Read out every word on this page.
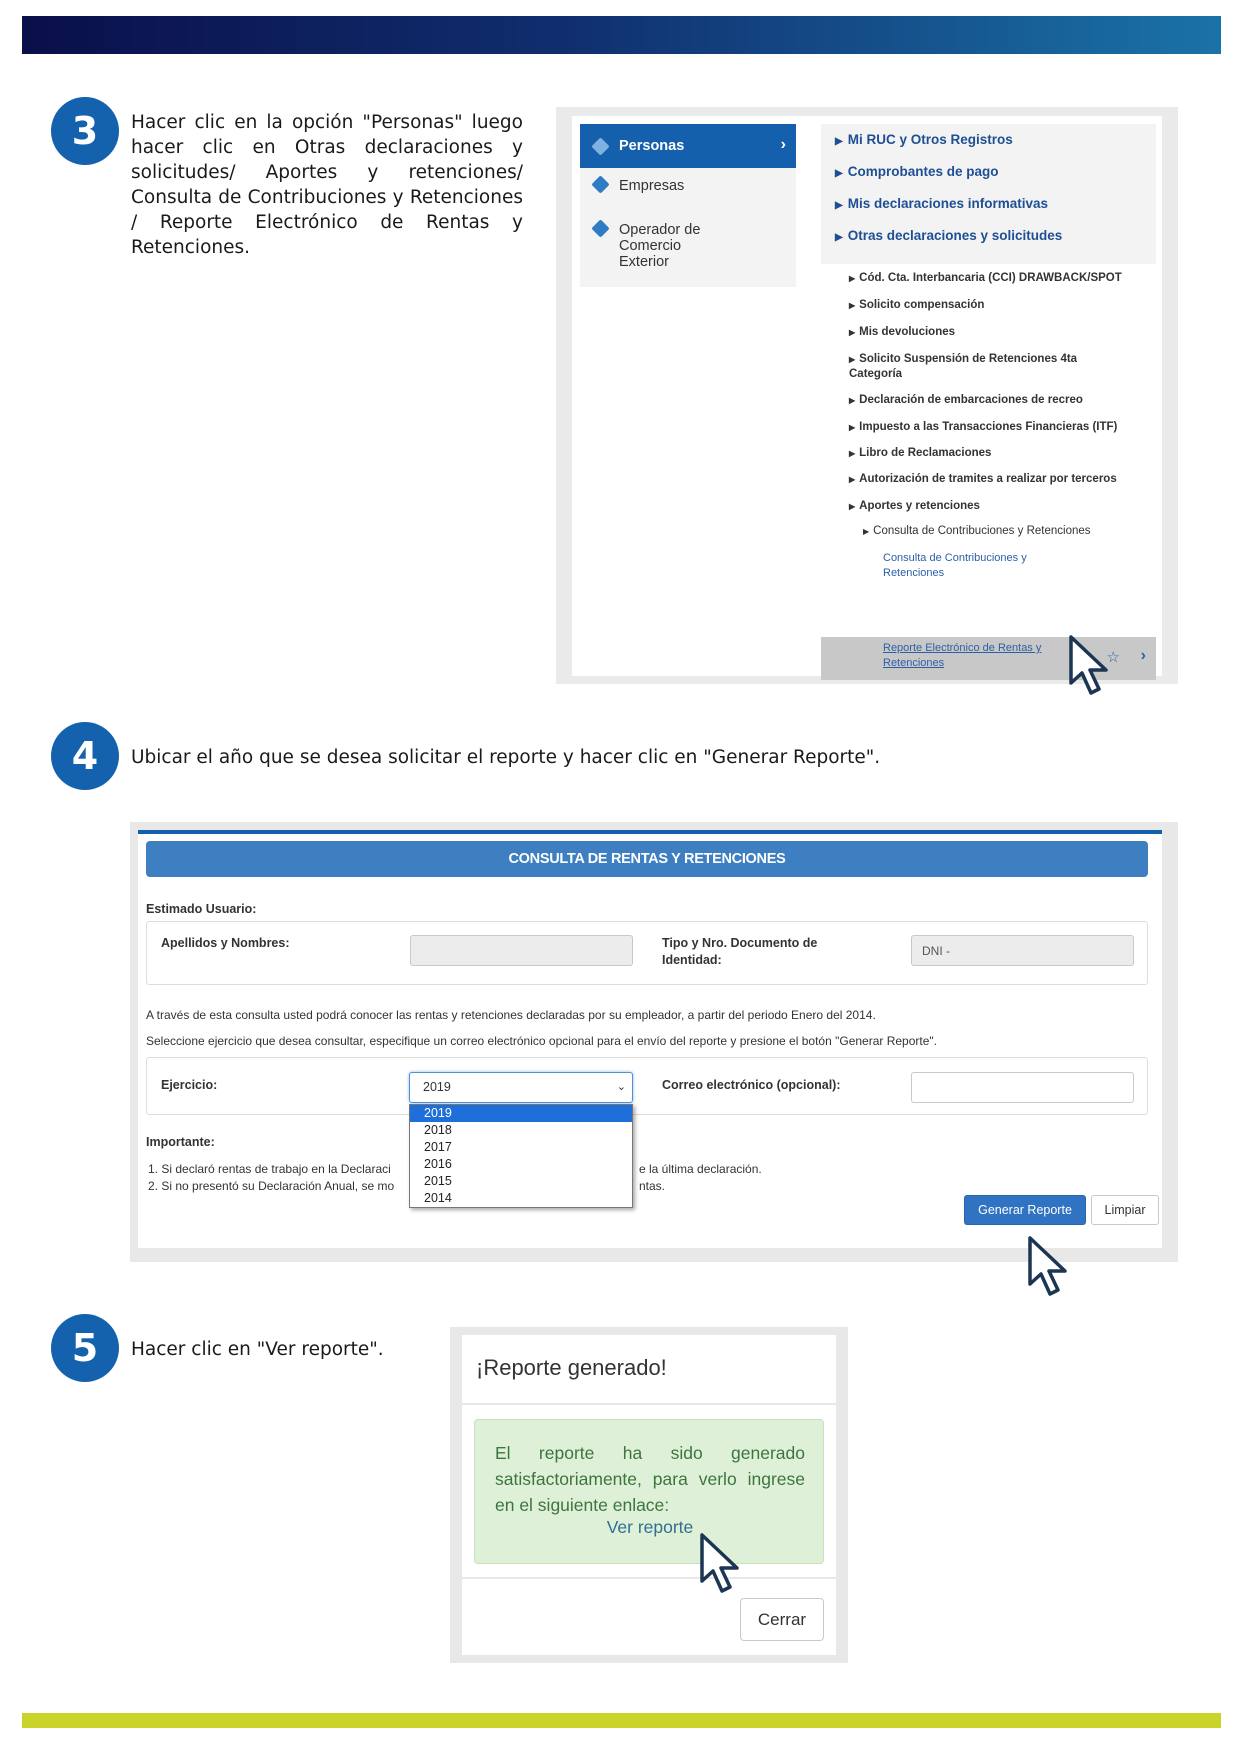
3	Hacer clic en la opción "Personas" luego hacer clic en Otras declaraciones y solicitudes/ Aportes y retenciones/ Consulta de Contribuciones y Retenciones / Reporte Electrónico de Rentas y Retenciones.
Personas	›
Empresas
Operador de Comercio Exterior
▶ Mi RUC y Otros Registros
▶ Comprobantes de pago
▶ Mis declaraciones informativas
▶ Otras declaraciones y solicitudes
▶ Cód. Cta. Interbancaria (CCI) DRAWBACK/SPOT
▶ Solicito compensación
▶ Mis devoluciones
▶ Solicito Suspensión de Retenciones 4ta Categoría
▶ Declaración de embarcaciones de recreo
▶ Impuesto a las Transacciones Financieras (ITF)
▶ Libro de Reclamaciones
▶ Autorización de tramites a realizar por terceros
▶ Aportes y retenciones
▶ Consulta de Contribuciones y Retenciones
Consulta de Contribuciones y Retenciones
Reporte Electrónico de Rentas y Retenciones	☆ ›
4	Ubicar el año que se desea solicitar el reporte y hacer clic en "Generar Reporte".
CONSULTA DE RENTAS Y RETENCIONES
Estimado Usuario:
Apellidos y Nombres:	Tipo y Nro. Documento de Identidad:
DNI -
A través de esta consulta usted podrá conocer las rentas y retenciones declaradas por su empleador, a partir del periodo Enero del 2014.
Seleccione ejercicio que desea consultar, especifique un correo electrónico opcional para el envío del reporte y presione el botón "Generar Reporte".
Ejercicio:	2019	⌄
2019
2018
2017
2016
2015
2014
Correo electrónico (opcional):
Importante:
1. Si declaró rentas de trabajo en la Declaraci	e la última declaración.
2. Si no presentó su Declaración Anual, se mo	ntas.
Generar Reporte	Limpiar
5	Hacer clic en "Ver reporte".
¡Reporte generado!
El reporte ha sido generado satisfactoriamente, para verlo ingrese en el siguiente enlace:
Ver reporte
Cerrar
